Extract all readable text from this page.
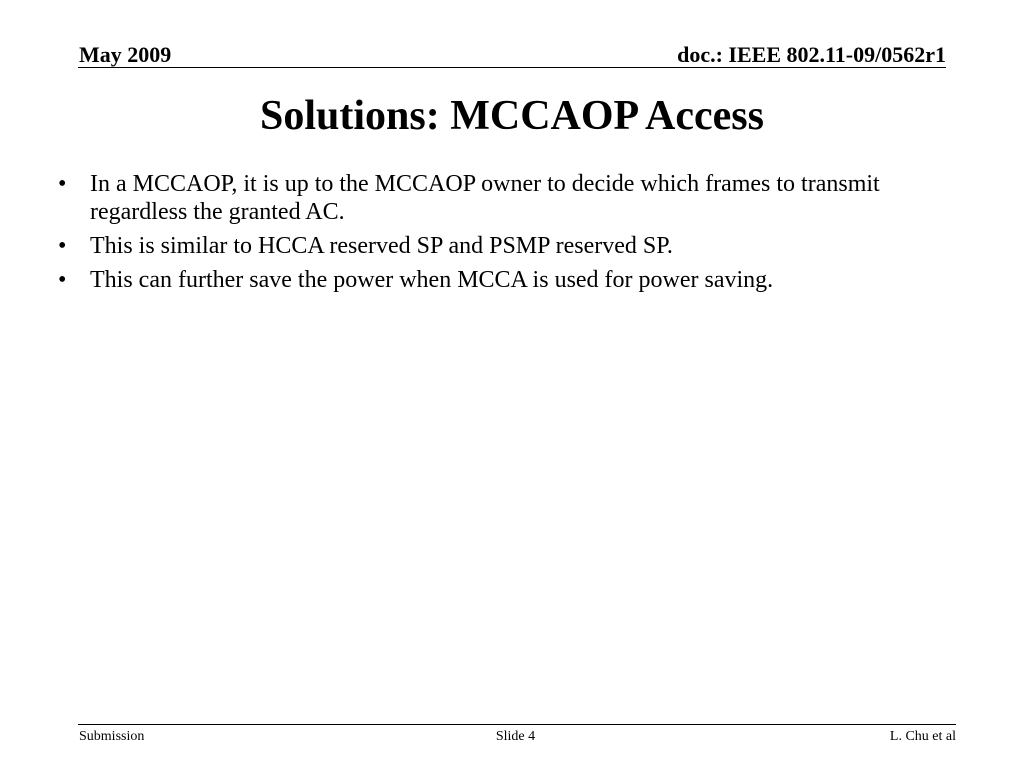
May 2009	doc.: IEEE 802.11-09/0562r1
Solutions: MCCAOP Access
• In a MCCAOP, it is up to the MCCAOP owner to decide which frames to transmit regardless the granted AC.
• This is similar to HCCA reserved SP and PSMP reserved SP.
• This can further save the power when MCCA is used for power saving.
Submission	Slide 4	L. Chu et al
